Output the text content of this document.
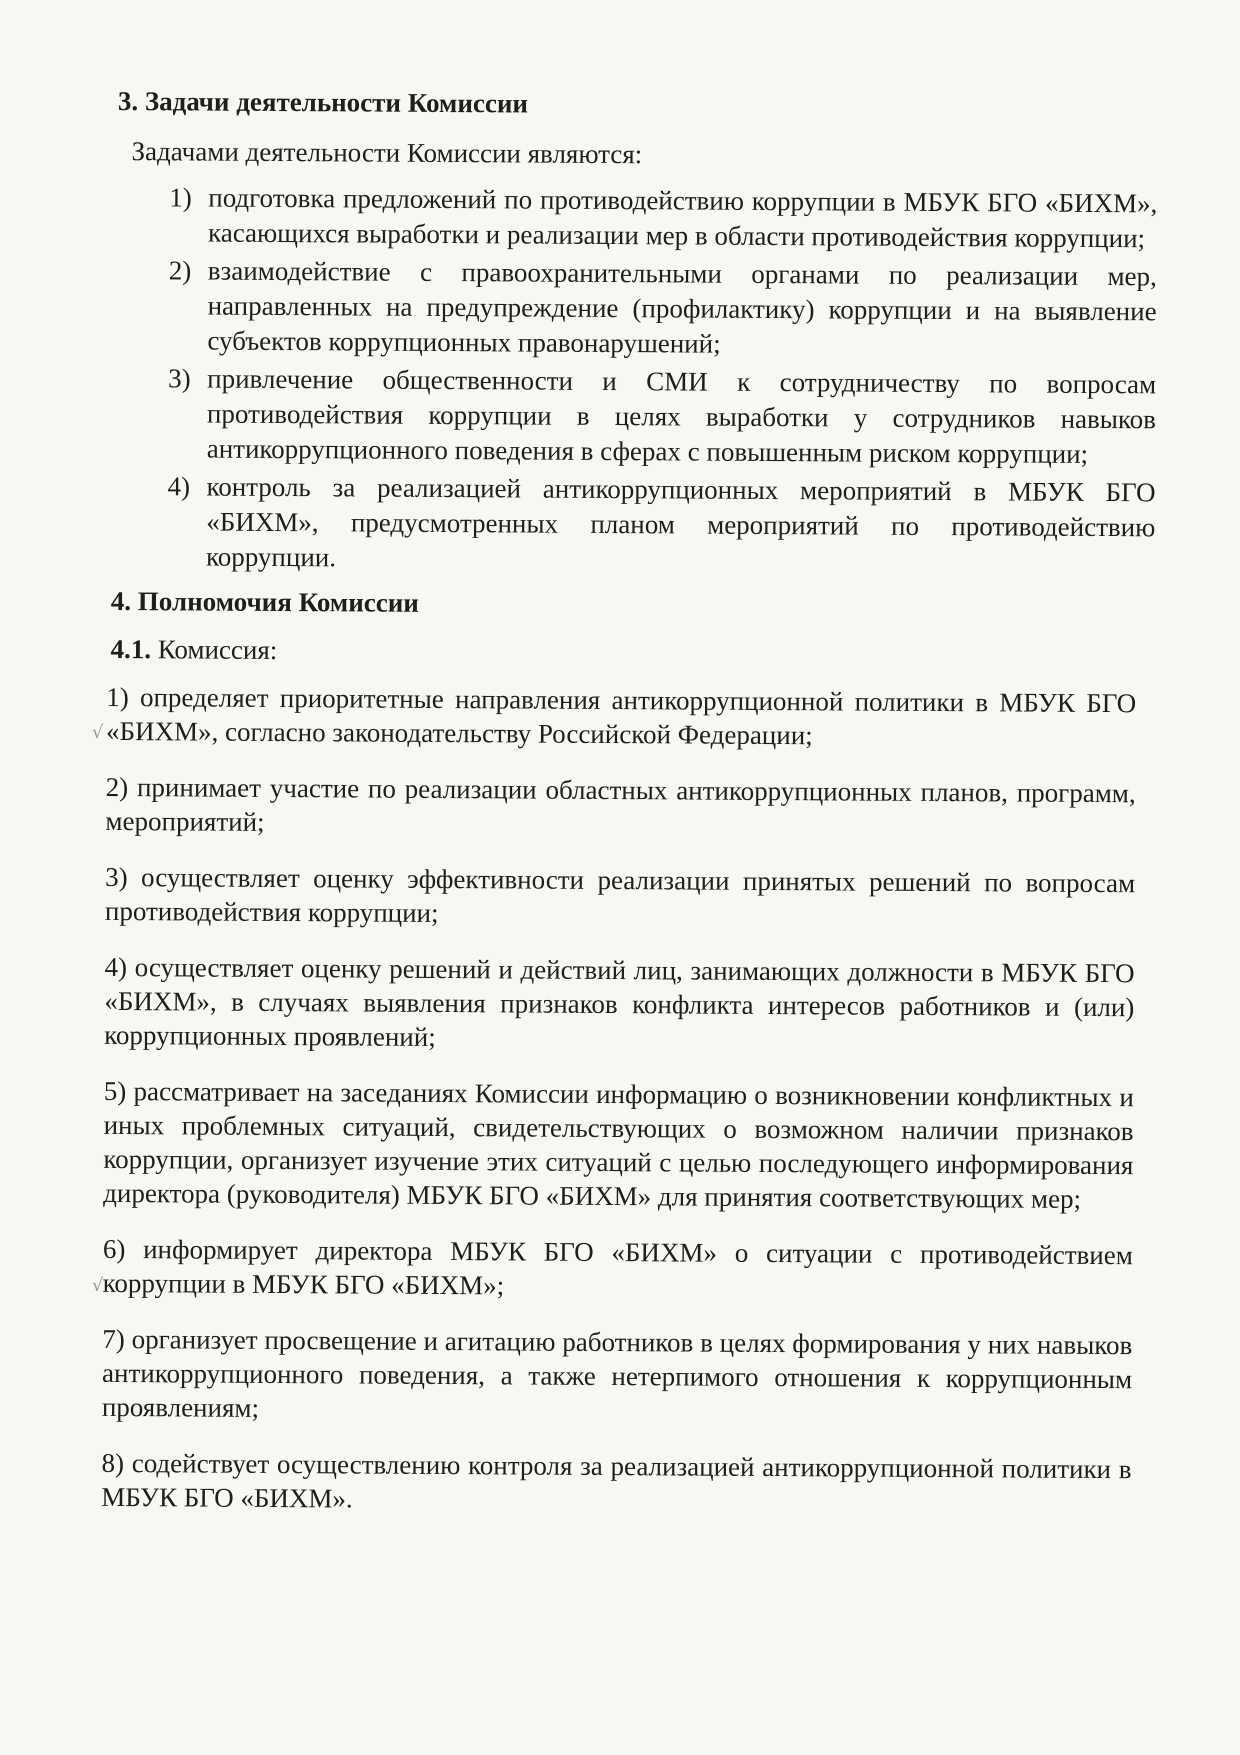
√
√
3. Задачи деятельности Комиссии

Задачами деятельности Комиссии являются:

1) подготовка предложений по противодействию коррупции в МБУК БГО «БИХМ», касающихся выработки и реализации мер в области противодействия коррупции;
2) взаимодействие с правоохранительными органами по реализации мер, направленных на предупреждение (профилактику) коррупции и на выявление субъектов коррупционных правонарушений;
3) привлечение общественности и СМИ к сотрудничеству по вопросам противодействия коррупции в целях выработки у сотрудников навыков антикоррупционного поведения в сферах с повышенным риском коррупции;
4) контроль за реализацией антикоррупционных мероприятий в МБУК БГО «БИХМ», предусмотренных планом мероприятий по противодействию коррупции.
4. Полномочия Комиссии

4.1. Комиссия:

1) определяет приоритетные направления антикоррупционной политики в МБУК БГО «БИХМ», согласно законодательству Российской Федерации;

2) принимает участие по реализации областных антикоррупционных планов, программ, мероприятий;

3) осуществляет оценку эффективности реализации принятых решений по вопросам противодействия коррупции;

4) осуществляет оценку решений и действий лиц, занимающих должности в МБУК БГО «БИХМ», в случаях выявления признаков конфликта интересов работников и (или) коррупционных проявлений;

5) рассматривает на заседаниях Комиссии информацию о возникновении конфликтных и иных проблемных ситуаций, свидетельствующих о возможном наличии признаков коррупции, организует изучение этих ситуаций с целью последующего информирования директора (руководителя) МБУК БГО «БИХМ» для принятия соответствующих мер;

6) информирует директора МБУК БГО «БИХМ» о ситуации с противодействием коррупции в МБУК БГО «БИХМ»;

7) организует просвещение и агитацию работников в целях формирования у них навыков антикоррупционного поведения, а также нетерпимого отношения к коррупционным проявлениям;

8) содействует осуществлению контроля за реализацией антикоррупционной политики в МБУК БГО «БИХМ».
